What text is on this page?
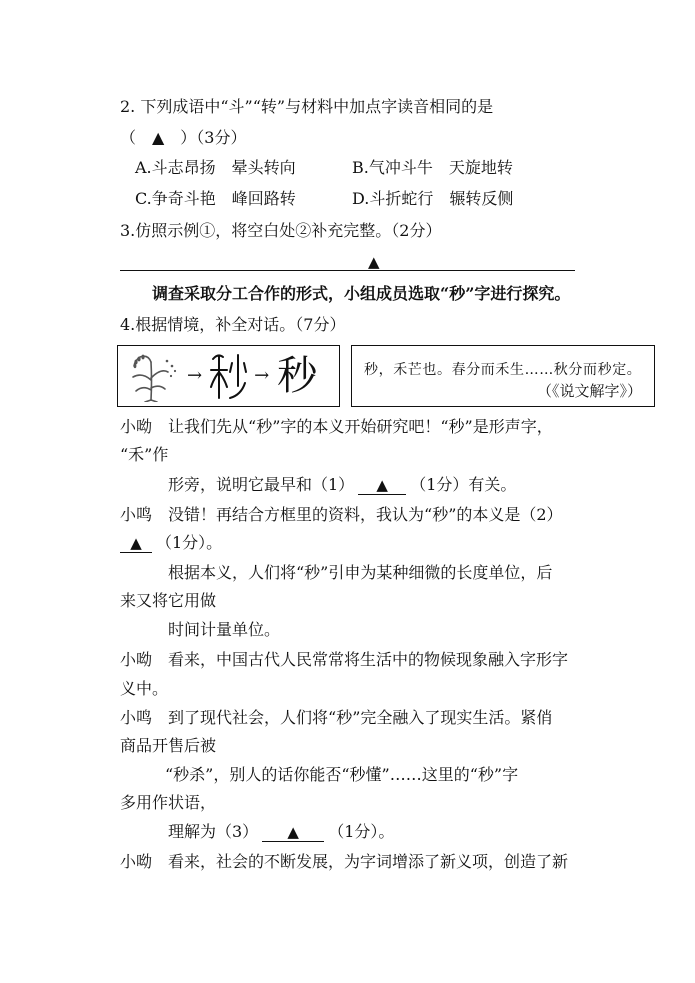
2. 下列成语中“斗”“转”与材料中加点字读音相同的是
（　▲　）（3分）
A.斗志昂扬　晕头转向	B.气冲斗牛　天旋地转
C.争奇斗艳　峰回路转	D.斗折蛇行　辗转反侧
3.仿照示例①，将空白处②补充完整。（2分）
▲
调查采取分工合作的形式，小组成员选取“秒”字进行探究。
4.根据情境，补全对话。（7分）
→	→ 秒	秒，禾芒也。春分而禾生……秋分而秒定。
（《说文解字》）
小呦 让我们先从“秒”字的本义开始研究吧！“秒”是形声字，
“禾”作
形旁，说明它最早和（1） ▲ （1分）有关。
小鸣 没错！再结合方框里的资料，我认为“秒”的本义是（2）
▲ （1分）。
根据本义，人们将“秒”引申为某种细微的长度单位，后
来又将它用做
时间计量单位。
小呦 看来，中国古代人民常常将生活中的物候现象融入字形字
义中。
小鸣 到了现代社会，人们将“秒”完全融入了现实生活。紧俏
商品开售后被
“秒杀”，别人的话你能否“秒懂”……这里的“秒”字
多用作状语，
理解为（3） ▲ （1分）。
小呦 看来，社会的不断发展，为字词增添了新义项，创造了新
